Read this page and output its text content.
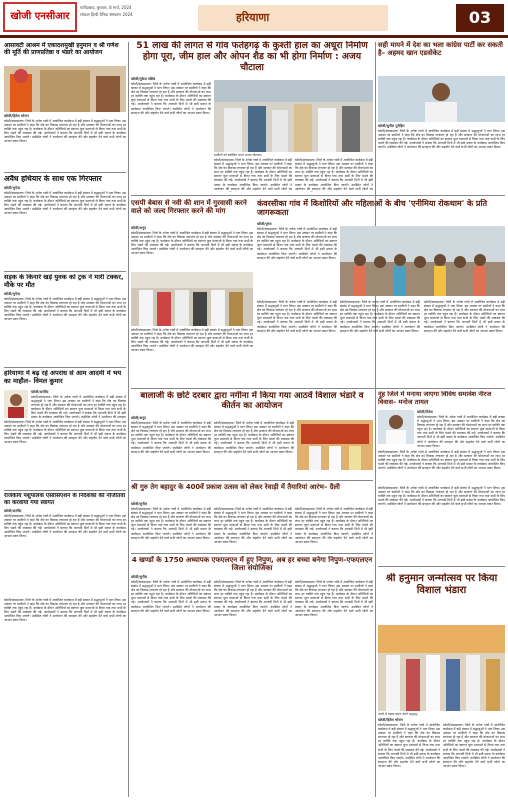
खोजी एनसीआर
फरीदाबाद, बुधवार, 8 मार्च, 2024
लोकल हिन्दी दैनिक संस्करण 2024	हरियाणा	03
आसावटी आश्रम में एकादशमुखी हनुमान व श्री गणेश की मूर्ति की प्राणप्रतिष्ठा व भंडारे का आयोजन
खोजी/हितेश भोजन
खोजी/संवाददाता। जिले के अनेक गांवों में आयोजित कार्यक्रम में बड़ी संख्या में श्रद्धालुओं ने भाग लिया। इस अवसर पर ग्रामीणों ने कहा कि क्षेत्र का विकास लगातार हो रहा है और सरकार की योजनाओं का लाभ हर व्यक्ति तक पहुंच रहा है। कार्यक्रम के दौरान अतिथियों का स्वागत फूल मालाओं से किया गया तथा सभी के लिए भंडारे की व्यवस्था की गई। आयोजकों ने बताया कि आगामी दिनों में भी इसी प्रकार के कार्यक्रम आयोजित किए जाएंगे। उपस्थित लोगों ने आयोजन की सराहना की और सहयोग देने वाले सभी लोगों का आभार प्रकट किया।
अवैध हथियार के साथ एक गिरफ्तार
खोजी/भुपेन्द्र
खोजी/संवाददाता। जिले के अनेक गांवों में आयोजित कार्यक्रम में बड़ी संख्या में श्रद्धालुओं ने भाग लिया। इस अवसर पर ग्रामीणों ने कहा कि क्षेत्र का विकास लगातार हो रहा है और सरकार की योजनाओं का लाभ हर व्यक्ति तक पहुंच रहा है। कार्यक्रम के दौरान अतिथियों का स्वागत फूल मालाओं से किया गया तथा सभी के लिए भंडारे की व्यवस्था की गई। आयोजकों ने बताया कि आगामी दिनों में भी इसी प्रकार के कार्यक्रम आयोजित किए जाएंगे। उपस्थित लोगों ने आयोजन की सराहना की और सहयोग देने वाले सभी लोगों का आभार प्रकट किया।
सड़क के किनारे खड़े युवक को ट्रक ने मारी टक्कर, मौके पर मौत
खोजी/भुपेन्द्र
खोजी/संवाददाता। जिले के अनेक गांवों में आयोजित कार्यक्रम में बड़ी संख्या में श्रद्धालुओं ने भाग लिया। इस अवसर पर ग्रामीणों ने कहा कि क्षेत्र का विकास लगातार हो रहा है और सरकार की योजनाओं का लाभ हर व्यक्ति तक पहुंच रहा है। कार्यक्रम के दौरान अतिथियों का स्वागत फूल मालाओं से किया गया तथा सभी के लिए भंडारे की व्यवस्था की गई। आयोजकों ने बताया कि आगामी दिनों में भी इसी प्रकार के कार्यक्रम आयोजित किए जाएंगे। उपस्थित लोगों ने आयोजन की सराहना की और सहयोग देने वाले सभी लोगों का आभार प्रकट किया।
हरियाणा में बढ़ रहे अपराध से आम आदमी में भय का माहौल– विमल कुमार
खोजी/अरविंद
खोजी/संवाददाता। जिले के अनेक गांवों में आयोजित कार्यक्रम में बड़ी संख्या में श्रद्धालुओं ने भाग लिया। इस अवसर पर ग्रामीणों ने कहा कि क्षेत्र का विकास लगातार हो रहा है और सरकार की योजनाओं का लाभ हर व्यक्ति तक पहुंच रहा है। कार्यक्रम के दौरान अतिथियों का स्वागत फूल मालाओं से किया गया तथा सभी के लिए भंडारे की व्यवस्था की गई। आयोजकों ने बताया कि आगामी दिनों में भी इसी प्रकार के कार्यक्रम आयोजित किए जाएंगे। उपस्थित लोगों ने आयोजन की सराहना
खोजी/संवाददाता। जिले के अनेक गांवों में आयोजित कार्यक्रम में बड़ी संख्या में श्रद्धालुओं ने भाग लिया। इस अवसर पर ग्रामीणों ने कहा कि क्षेत्र का विकास लगातार हो रहा है और सरकार की योजनाओं का लाभ हर व्यक्ति तक पहुंच रहा है। कार्यक्रम के दौरान अतिथियों का स्वागत फूल मालाओं से किया गया तथा सभी के लिए भंडारे की व्यवस्था की गई। आयोजकों ने बताया कि आगामी दिनों में भी इसी प्रकार के कार्यक्रम आयोजित किए जाएंगे। उपस्थित लोगों ने आयोजन की सराहना की और सहयोग देने वाले सभी लोगों का आभार प्रकट किया।
राजकीय पशुपालक एसोसिएशन के निदेशकों की नौजीतवा का करवाया गया स्वागत
खोजी/अरविंद
खोजी/संवाददाता। जिले के अनेक गांवों में आयोजित कार्यक्रम में बड़ी संख्या में श्रद्धालुओं ने भाग लिया। इस अवसर पर ग्रामीणों ने कहा कि क्षेत्र का विकास लगातार हो रहा है और सरकार की योजनाओं का लाभ हर व्यक्ति तक पहुंच रहा है। कार्यक्रम के दौरान अतिथियों का स्वागत फूल मालाओं से किया गया तथा सभी के लिए भंडारे की व्यवस्था की गई। आयोजकों ने बताया कि आगामी दिनों में भी इसी प्रकार के कार्यक्रम आयोजित किए जाएंगे। उपस्थित लोगों ने आयोजन की सराहना की और सहयोग देने वाले सभी लोगों का आभार प्रकट किया।
51 लाख की लागत से गांव फतेहगढ़ के कुश्ती हाल का अधूरा निर्माण होगा पूरा, जीम हाल और ओपन शैड का भी होगा निर्माण : अजय चौटाला
खोजी/मुकेश वशिष्ठ
खोजी/संवाददाता। जिले के अनेक गांवों में आयोजित कार्यक्रम में बड़ी संख्या में श्रद्धालुओं ने भाग लिया। इस अवसर पर ग्रामीणों ने कहा कि क्षेत्र का विकास लगातार हो रहा है और सरकार की योजनाओं का लाभ हर व्यक्ति तक पहुंच रहा है। कार्यक्रम के दौरान अतिथियों का स्वागत फूल मालाओं से किया गया तथा सभी के लिए भंडारे की व्यवस्था की गई। आयोजकों ने बताया कि आगामी दिनों में भी इसी प्रकार के कार्यक्रम आयोजित किए जाएंगे। उपस्थित लोगों ने आयोजन की सराहना की और सहयोग देने वाले सभी लोगों का आभार प्रकट किया।
ग्रामीणों को संबोधित करते अजय चौटाला।
खोजी/संवाददाता। जिले के अनेक गांवों में आयोजित कार्यक्रम में बड़ी संख्या में श्रद्धालुओं ने भाग लिया। इस अवसर पर ग्रामीणों ने कहा कि क्षेत्र का विकास लगातार हो रहा है और सरकार की योजनाओं का लाभ हर व्यक्ति तक पहुंच रहा है। कार्यक्रम के दौरान अतिथियों का स्वागत फूल मालाओं से किया गया तथा सभी के लिए भंडारे की व्यवस्था की गई। आयोजकों ने बताया कि आगामी दिनों में भी इसी प्रकार के कार्यक्रम आयोजित किए जाएंगे। उपस्थित लोगों ने आयोजन की सराहना की और सहयोग देने वाले सभी लोगों का
खोजी/संवाददाता। जिले के अनेक गांवों में आयोजित कार्यक्रम में बड़ी संख्या में श्रद्धालुओं ने भाग लिया। इस अवसर पर ग्रामीणों ने कहा कि क्षेत्र का विकास लगातार हो रहा है और सरकार की योजनाओं का लाभ हर व्यक्ति तक पहुंच रहा है। कार्यक्रम के दौरान अतिथियों का स्वागत फूल मालाओं से किया गया तथा सभी के लिए भंडारे की व्यवस्था की गई। आयोजकों ने बताया कि आगामी दिनों में भी इसी प्रकार के कार्यक्रम आयोजित किए जाएंगे। उपस्थित लोगों ने आयोजन की सराहना की और सहयोग देने वाले सभी लोगों का
सही मायने में देश का भला कांग्रेस पार्टी कर सकती है– अहमद खान एडवोकेट
खोजी/सुनील पुरोहित
खोजी/संवाददाता। जिले के अनेक गांवों में आयोजित कार्यक्रम में बड़ी संख्या में श्रद्धालुओं ने भाग लिया। इस अवसर पर ग्रामीणों ने कहा कि क्षेत्र का विकास लगातार हो रहा है और सरकार की योजनाओं का लाभ हर व्यक्ति तक पहुंच रहा है। कार्यक्रम के दौरान अतिथियों का स्वागत फूल मालाओं से किया गया तथा सभी के लिए भंडारे की व्यवस्था की गई। आयोजकों ने बताया कि आगामी दिनों में भी इसी प्रकार के कार्यक्रम आयोजित किए जाएंगे। उपस्थित लोगों ने आयोजन की सराहना की और सहयोग देने वाले सभी लोगों का आभार प्रकट किया।
एसपी बेबास से नवी की शान में गुरवासी करने वाले को जल्द गिरफ्तार करने की मांग
खोजी/अनूप
खोजी/संवाददाता। जिले के अनेक गांवों में आयोजित कार्यक्रम में बड़ी संख्या में श्रद्धालुओं ने भाग लिया। इस अवसर पर ग्रामीणों ने कहा कि क्षेत्र का विकास लगातार हो रहा है और सरकार की योजनाओं का लाभ हर व्यक्ति तक पहुंच रहा है। कार्यक्रम के दौरान अतिथियों का स्वागत फूल मालाओं से किया गया तथा सभी के लिए भंडारे की व्यवस्था की गई। आयोजकों ने बताया कि आगामी दिनों में भी इसी प्रकार के कार्यक्रम आयोजित किए जाएंगे। उपस्थित लोगों ने आयोजन की सराहना की और सहयोग देने वाले सभी लोगों का आभार प्रकट किया।
खोजी/संवाददाता। जिले के अनेक गांवों में आयोजित कार्यक्रम में बड़ी संख्या में श्रद्धालुओं ने भाग लिया। इस अवसर पर ग्रामीणों ने कहा कि क्षेत्र का विकास लगातार हो रहा है और सरकार की योजनाओं का लाभ हर व्यक्ति तक पहुंच रहा है। कार्यक्रम के दौरान अतिथियों का स्वागत फूल मालाओं से किया गया तथा सभी के लिए भंडारे की व्यवस्था की गई। आयोजकों ने बताया कि आगामी दिनों में भी इसी प्रकार के कार्यक्रम आयोजित किए जाएंगे। उपस्थित लोगों ने आयोजन की सराहना की और सहयोग देने वाले सभी लोगों का आभार प्रकट किया।
कंवरसीका गांव में किशोरियों और महिलाओं के बीच 'एनीमिया रोकथाम' के प्रति जागरूकता
खोजी/पुष्पा
खोजी/संवाददाता। जिले के अनेक गांवों में आयोजित कार्यक्रम में बड़ी संख्या में श्रद्धालुओं ने भाग लिया। इस अवसर पर ग्रामीणों ने कहा कि क्षेत्र का विकास लगातार हो रहा है और सरकार की योजनाओं का लाभ हर व्यक्ति तक पहुंच रहा है। कार्यक्रम के दौरान अतिथियों का स्वागत फूल मालाओं से किया गया तथा सभी के लिए भंडारे की व्यवस्था की गई। आयोजकों ने बताया कि आगामी दिनों में भी इसी प्रकार के कार्यक्रम आयोजित किए जाएंगे। उपस्थित लोगों ने आयोजन की सराहना की और सहयोग देने वाले सभी लोगों का आभार प्रकट किया।
खोजी/संवाददाता। जिले के अनेक गांवों में आयोजित कार्यक्रम में बड़ी संख्या में श्रद्धालुओं ने भाग लिया। इस अवसर पर ग्रामीणों ने कहा कि क्षेत्र का विकास लगातार हो रहा है और सरकार की योजनाओं का लाभ हर व्यक्ति तक पहुंच रहा है। कार्यक्रम के दौरान अतिथियों का स्वागत फूल मालाओं से किया गया तथा सभी के लिए भंडारे की व्यवस्था की गई। आयोजकों ने बताया कि आगामी दिनों में भी इसी प्रकार के कार्यक्रम आयोजित किए जाएंगे। उपस्थित लोगों ने आयोजन की सराहना की और सहयोग देने वाले सभी लोगों का आभार प्रकट किया।
खोजी/संवाददाता। जिले के अनेक गांवों में आयोजित कार्यक्रम में बड़ी संख्या में श्रद्धालुओं ने भाग लिया। इस अवसर पर ग्रामीणों ने कहा कि क्षेत्र का विकास लगातार हो रहा है और सरकार की योजनाओं का लाभ हर व्यक्ति तक पहुंच रहा है। कार्यक्रम के दौरान अतिथियों का स्वागत फूल मालाओं से किया गया तथा सभी के लिए भंडारे की व्यवस्था की गई। आयोजकों ने बताया कि आगामी दिनों में भी इसी प्रकार के कार्यक्रम आयोजित किए जाएंगे। उपस्थित लोगों ने आयोजन की सराहना की और सहयोग देने वाले सभी लोगों का आभार प्रकट किया।
खोजी/संवाददाता। जिले के अनेक गांवों में आयोजित कार्यक्रम में बड़ी संख्या में श्रद्धालुओं ने भाग लिया। इस अवसर पर ग्रामीणों ने कहा कि क्षेत्र का विकास लगातार हो रहा है और सरकार की योजनाओं का लाभ हर व्यक्ति तक पहुंच रहा है। कार्यक्रम के दौरान अतिथियों का स्वागत फूल मालाओं से किया गया तथा सभी के लिए भंडारे की व्यवस्था की गई। आयोजकों ने बताया कि आगामी दिनों में भी इसी प्रकार के कार्यक्रम आयोजित किए जाएंगे। उपस्थित लोगों ने आयोजन की सराहना की और सहयोग देने वाले सभी लोगों का आभार प्रकट किया।
बालाजी के छोटे दरबार द्वारा नगीना में किया गया आठवें विशाल भंडारे व कीर्तन का आयोजन
खोजी/अनूप
खोजी/संवाददाता। जिले के अनेक गांवों में आयोजित कार्यक्रम में बड़ी संख्या में श्रद्धालुओं ने भाग लिया। इस अवसर पर ग्रामीणों ने कहा कि क्षेत्र का विकास लगातार हो रहा है और सरकार की योजनाओं का लाभ हर व्यक्ति तक पहुंच रहा है। कार्यक्रम के दौरान अतिथियों का स्वागत फूल मालाओं से किया गया तथा सभी के लिए भंडारे की व्यवस्था की गई। आयोजकों ने बताया कि आगामी दिनों में भी इसी प्रकार के कार्यक्रम आयोजित किए जाएंगे। उपस्थित लोगों ने आयोजन की सराहना की और सहयोग देने वाले सभी लोगों का आभार प्रकट किया।
खोजी/संवाददाता। जिले के अनेक गांवों में आयोजित कार्यक्रम में बड़ी संख्या में श्रद्धालुओं ने भाग लिया। इस अवसर पर ग्रामीणों ने कहा कि क्षेत्र का विकास लगातार हो रहा है और सरकार की योजनाओं का लाभ हर व्यक्ति तक पहुंच रहा है। कार्यक्रम के दौरान अतिथियों का स्वागत फूल मालाओं से किया गया तथा सभी के लिए भंडारे की व्यवस्था की गई। आयोजकों ने बताया कि आगामी दिनों में भी इसी प्रकार के कार्यक्रम आयोजित किए जाएंगे। उपस्थित लोगों ने आयोजन की सराहना की और सहयोग देने वाले सभी लोगों का आभार प्रकट किया।
नूंह जिले में मनाया जाएगा विविध समावेश नीरज विवास– मनोज तायल
खोजी/दिनेश
खोजी/संवाददाता। जिले के अनेक गांवों में आयोजित कार्यक्रम में बड़ी संख्या में श्रद्धालुओं ने भाग लिया। इस अवसर पर ग्रामीणों ने कहा कि क्षेत्र का विकास लगातार हो रहा है और सरकार की योजनाओं का लाभ हर व्यक्ति तक पहुंच रहा है। कार्यक्रम के दौरान अतिथियों का स्वागत फूल मालाओं से किया गया तथा सभी के लिए भंडारे की व्यवस्था की गई। आयोजकों ने बताया कि आगामी दिनों में भी इसी प्रकार के कार्यक्रम आयोजित किए जाएंगे। उपस्थित लोगों ने आयोजन की सराहना की और सहयोग देने वाले सभी लोगों का आभार प्रकट किया।
खोजी/संवाददाता। जिले के अनेक गांवों में आयोजित कार्यक्रम में बड़ी संख्या में श्रद्धालुओं ने भाग लिया। इस अवसर पर ग्रामीणों ने कहा कि क्षेत्र का विकास लगातार हो रहा है और सरकार की योजनाओं का लाभ हर व्यक्ति तक पहुंच रहा है। कार्यक्रम के दौरान अतिथियों का स्वागत फूल मालाओं से किया गया तथा सभी के लिए भंडारे की व्यवस्था की गई। आयोजकों ने बताया कि आगामी दिनों में भी इसी प्रकार के कार्यक्रम आयोजित किए जाएंगे। उपस्थित लोगों ने आयोजन की सराहना की और सहयोग देने वाले सभी लोगों का आभार प्रकट किया।
श्री गुरु तेग बहादुर के 400वें प्रकाश उत्सव को लेकर रेवाड़ी में तैयारियां आरंभ– ग्रैली
खोजी/सुनील
खोजी/संवाददाता। जिले के अनेक गांवों में आयोजित कार्यक्रम में बड़ी संख्या में श्रद्धालुओं ने भाग लिया। इस अवसर पर ग्रामीणों ने कहा कि क्षेत्र का विकास लगातार हो रहा है और सरकार की योजनाओं का लाभ हर व्यक्ति तक पहुंच रहा है। कार्यक्रम के दौरान अतिथियों का स्वागत फूल मालाओं से किया गया तथा सभी के लिए भंडारे की व्यवस्था की गई। आयोजकों ने बताया कि आगामी दिनों में भी इसी प्रकार के कार्यक्रम आयोजित किए जाएंगे। उपस्थित लोगों ने आयोजन की सराहना की और सहयोग देने वाले सभी लोगों का आभार प्रकट किया।
खोजी/संवाददाता। जिले के अनेक गांवों में आयोजित कार्यक्रम में बड़ी संख्या में श्रद्धालुओं ने भाग लिया। इस अवसर पर ग्रामीणों ने कहा कि क्षेत्र का विकास लगातार हो रहा है और सरकार की योजनाओं का लाभ हर व्यक्ति तक पहुंच रहा है। कार्यक्रम के दौरान अतिथियों का स्वागत फूल मालाओं से किया गया तथा सभी के लिए भंडारे की व्यवस्था की गई। आयोजकों ने बताया कि आगामी दिनों में भी इसी प्रकार के कार्यक्रम आयोजित किए जाएंगे। उपस्थित लोगों ने आयोजन की सराहना की और सहयोग देने वाले सभी लोगों का आभार प्रकट किया।
खोजी/संवाददाता। जिले के अनेक गांवों में आयोजित कार्यक्रम में बड़ी संख्या में श्रद्धालुओं ने भाग लिया। इस अवसर पर ग्रामीणों ने कहा कि क्षेत्र का विकास लगातार हो रहा है और सरकार की योजनाओं का लाभ हर व्यक्ति तक पहुंच रहा है। कार्यक्रम के दौरान अतिथियों का स्वागत फूल मालाओं से किया गया तथा सभी के लिए भंडारे की व्यवस्था की गई। आयोजकों ने बताया कि आगामी दिनों में भी इसी प्रकार के कार्यक्रम आयोजित किए जाएंगे। उपस्थित लोगों ने आयोजन की सराहना की और सहयोग देने वाले सभी लोगों का आभार प्रकट किया।
4 खण्डों के 1750 अध्यापक एफएलएन में हुए निपुण, अब हर बच्चा बनेगा निपुण–एफएलएन जिला संयोजिका
खोजी/सुनील
खोजी/संवाददाता। जिले के अनेक गांवों में आयोजित कार्यक्रम में बड़ी संख्या में श्रद्धालुओं ने भाग लिया। इस अवसर पर ग्रामीणों ने कहा कि क्षेत्र का विकास लगातार हो रहा है और सरकार की योजनाओं का लाभ हर व्यक्ति तक पहुंच रहा है। कार्यक्रम के दौरान अतिथियों का स्वागत फूल मालाओं से किया गया तथा सभी के लिए भंडारे की व्यवस्था की गई। आयोजकों ने बताया कि आगामी दिनों में भी इसी प्रकार के कार्यक्रम आयोजित किए जाएंगे। उपस्थित लोगों ने आयोजन की सराहना की और सहयोग देने वाले सभी लोगों का आभार प्रकट किया।
खोजी/संवाददाता। जिले के अनेक गांवों में आयोजित कार्यक्रम में बड़ी संख्या में श्रद्धालुओं ने भाग लिया। इस अवसर पर ग्रामीणों ने कहा कि क्षेत्र का विकास लगातार हो रहा है और सरकार की योजनाओं का लाभ हर व्यक्ति तक पहुंच रहा है। कार्यक्रम के दौरान अतिथियों का स्वागत फूल मालाओं से किया गया तथा सभी के लिए भंडारे की व्यवस्था की गई। आयोजकों ने बताया कि आगामी दिनों में भी इसी प्रकार के कार्यक्रम आयोजित किए जाएंगे। उपस्थित लोगों ने आयोजन की सराहना की और सहयोग देने वाले सभी लोगों का आभार प्रकट किया।
खोजी/संवाददाता। जिले के अनेक गांवों में आयोजित कार्यक्रम में बड़ी संख्या में श्रद्धालुओं ने भाग लिया। इस अवसर पर ग्रामीणों ने कहा कि क्षेत्र का विकास लगातार हो रहा है और सरकार की योजनाओं का लाभ हर व्यक्ति तक पहुंच रहा है। कार्यक्रम के दौरान अतिथियों का स्वागत फूल मालाओं से किया गया तथा सभी के लिए भंडारे की व्यवस्था की गई। आयोजकों ने बताया कि आगामी दिनों में भी इसी प्रकार के कार्यक्रम आयोजित किए जाएंगे। उपस्थित लोगों ने आयोजन की सराहना की और सहयोग देने वाले सभी लोगों का आभार प्रकट किया।
खोजी/संवाददाता। जिले के अनेक गांवों में आयोजित कार्यक्रम में बड़ी संख्या में श्रद्धालुओं ने भाग लिया। इस अवसर पर ग्रामीणों ने कहा कि क्षेत्र का विकास लगातार हो रहा है और सरकार की योजनाओं का लाभ हर व्यक्ति तक पहुंच रहा है। कार्यक्रम के दौरान अतिथियों का स्वागत फूल मालाओं से किया गया तथा सभी के लिए भंडारे की व्यवस्था की गई। आयोजकों ने बताया कि आगामी दिनों में भी इसी प्रकार के कार्यक्रम आयोजित किए जाएंगे। उपस्थित लोगों ने आयोजन की सराहना की और सहयोग देने वाले सभी लोगों का आभार प्रकट किया।
श्री हनुमान जन्मोत्सव पर किया विशाल भंडारा
भंडारे में प्रसाद ग्रहण करते श्रद्धालु।
खोजी/हितेश भोजन
खोजी/संवाददाता। जिले के अनेक गांवों में आयोजित कार्यक्रम में बड़ी संख्या में श्रद्धालुओं ने भाग लिया। इस अवसर पर ग्रामीणों ने कहा कि क्षेत्र का विकास लगातार हो रहा है और सरकार की योजनाओं का लाभ हर व्यक्ति तक पहुंच रहा है। कार्यक्रम के दौरान अतिथियों का स्वागत फूल मालाओं से किया गया तथा सभी के लिए भंडारे की व्यवस्था की गई। आयोजकों ने बताया कि आगामी दिनों में भी इसी प्रकार के कार्यक्रम आयोजित किए जाएंगे। उपस्थित लोगों ने आयोजन की सराहना की और सहयोग देने वाले सभी लोगों का आभार प्रकट किया।
खोजी/संवाददाता। जिले के अनेक गांवों में आयोजित कार्यक्रम में बड़ी संख्या में श्रद्धालुओं ने भाग लिया। इस अवसर पर ग्रामीणों ने कहा कि क्षेत्र का विकास लगातार हो रहा है और सरकार की योजनाओं का लाभ हर व्यक्ति तक पहुंच रहा है। कार्यक्रम के दौरान अतिथियों का स्वागत फूल मालाओं से किया गया तथा सभी के लिए भंडारे की व्यवस्था की गई। आयोजकों ने बताया कि आगामी दिनों में भी इसी प्रकार के कार्यक्रम आयोजित किए जाएंगे। उपस्थित लोगों ने आयोजन की सराहना की और सहयोग देने वाले सभी लोगों का आभार प्रकट किया।
खोजी/संवाददाता। जिले के अनेक गांवों में आयोजित कार्यक्रम में बड़ी संख्या में श्रद्धालुओं ने भाग लिया। इस अवसर पर ग्रामीणों ने कहा कि क्षेत्र का विकास लगातार हो रहा है और सरकार की योजनाओं का लाभ हर व्यक्ति तक पहुंच रहा है। कार्यक्रम के दौरान अतिथियों का स्वागत फूल मालाओं से किया गया तथा सभी के लिए भंडारे की व्यवस्था की गई। आयोजकों ने बताया कि आगामी दिनों में भी इसी प्रकार के कार्यक्रम आयोजित किए जाएंगे। उपस्थित लोगों ने आयोजन की सराहना की और सहयोग देने वाले सभी लोगों का आभार प्रकट किया।
